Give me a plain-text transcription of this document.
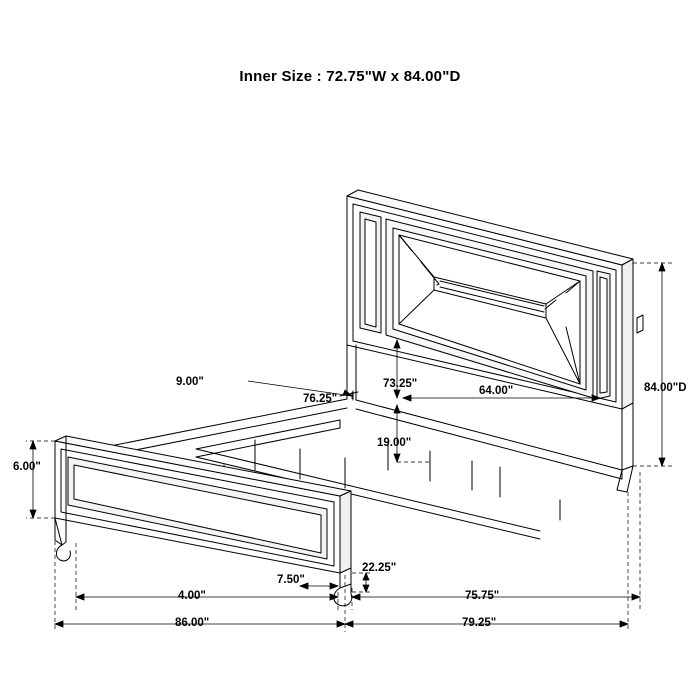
Inner Size : 72.75"W x 84.00"D
9.00"
76.25"
73.25"
19.00"
64.00"	84.00"D
6.00"
22.25"
7.50"
4.00"	75.75"
86.00"	79.25"
